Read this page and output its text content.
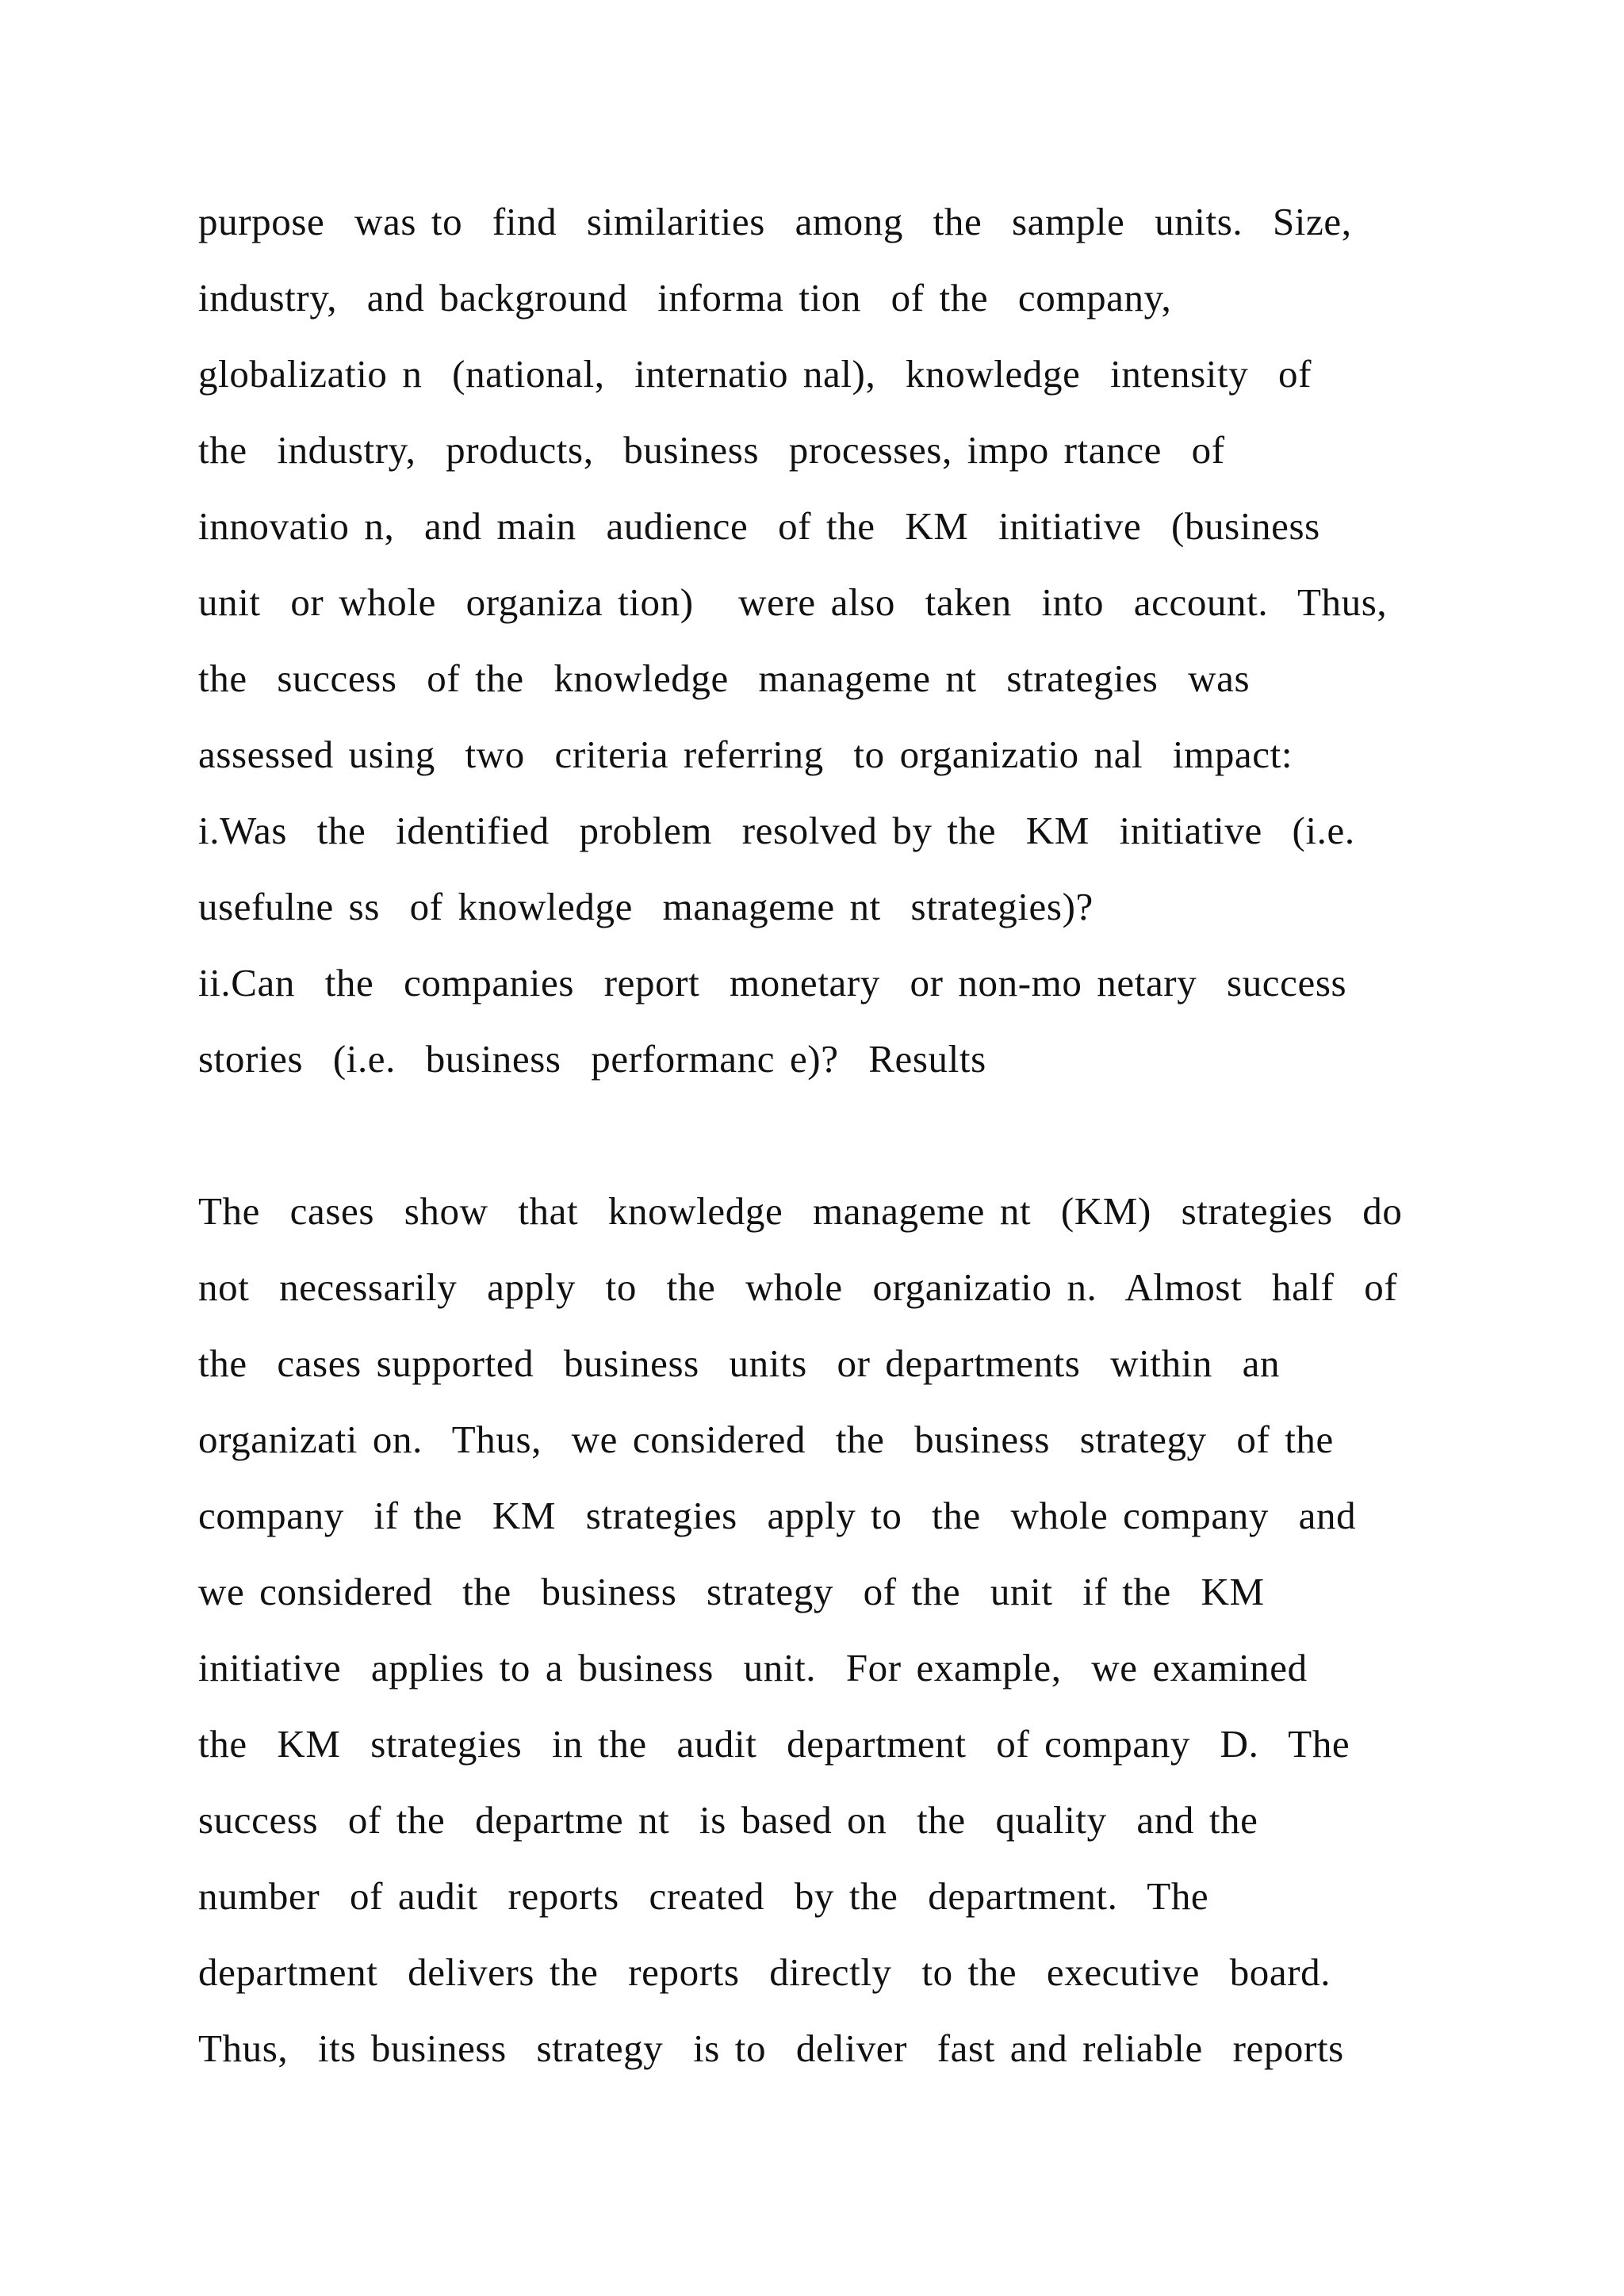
purpose  was to  find  similarities  among  the  sample  units.  Size,
industry,  and background  informa tion  of the  company,
globalizatio n  (national,  internatio nal),  knowledge  intensity  of
the  industry,  products,  business  processes, impo rtance  of
innovatio n,  and main  audience  of the  KM  initiative  (business
unit  or whole  organiza tion)   were also  taken  into  account.  Thus,
the  success  of the  knowledge  manageme nt  strategies  was
assessed using  two  criteria referring  to organizatio nal  impact:
i.Was  the  identified  problem  resolved by the  KM  initiative  (i.e.
usefulne ss  of knowledge  manageme nt  strategies)?
ii.Can  the  companies  report  monetary  or non-mo netary  success
stories  (i.e.  business  performanc e)?  Results
The  cases  show  that  knowledge  manageme nt  (KM)  strategies  do
not  necessarily  apply  to  the  whole  organizatio n.  Almost  half  of
the  cases supported  business  units  or departments  within  an
organizati on.  Thus,  we considered  the  business  strategy  of the
company  if the  KM  strategies  apply to  the  whole company  and
we considered  the  business  strategy  of the  unit  if the  KM
initiative  applies to a business  unit.  For example,  we examined
the  KM  strategies  in the  audit  department  of company  D.  The
success  of the  departme nt  is based on  the  quality  and the
number  of audit  reports  created  by the  department.  The
department  delivers the  reports  directly  to the  executive  board.
Thus,  its business  strategy  is to  deliver  fast and reliable  reports
